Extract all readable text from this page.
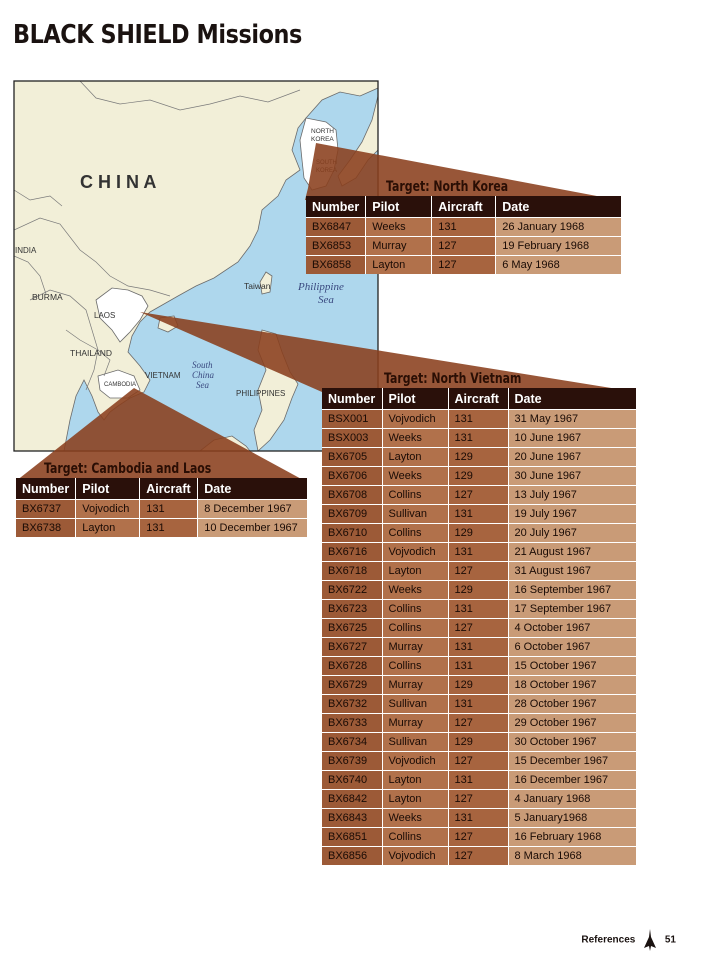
BLACK SHIELD Missions
NORTH
KOREA
C H I N A
INDIA
BURMA
LAOS
THAILAND
CAMBODIA
VIETNAM
Taiwan
PHILIPPINES
Philippine
Sea
South
China
Sea
Target: North Korea
Number	Pilot	Aircraft	Date
BX6847	Weeks	131	26 January 1968
BX6853	Murray	127	19 February 1968
BX6858	Layton	127	6 May 1968
Target: North Vietnam
Number	Pilot	Aircraft	Date
BSX001	Vojvodich	131	31 May 1967
BSX003	Weeks	131	10 June 1967
BX6705	Layton	129	20 June 1967
BX6706	Weeks	129	30 June 1967
BX6708	Collins	127	13 July 1967
BX6709	Sullivan	131	19 July 1967
BX6710	Collins	129	20 July 1967
BX6716	Vojvodich	131	21 August 1967
BX6718	Layton	127	31 August 1967
BX6722	Weeks	129	16 September 1967
BX6723	Collins	131	17 September 1967
BX6725	Collins	127	4 October 1967
BX6727	Murray	131	6 October 1967
BX6728	Collins	131	15 October 1967
BX6729	Murray	129	18 October 1967
BX6732	Sullivan	131	28 October 1967
BX6733	Murray	127	29 October 1967
BX6734	Sullivan	129	30 October 1967
BX6739	Vojvodich	127	15 December 1967
BX6740	Layton	131	16 December 1967
BX6842	Layton	127	4 January 1968
BX6843	Weeks	131	5 January1968
BX6851	Collins	127	16 February 1968
BX6856	Vojvodich	127	8 March 1968
Target: Cambodia and Laos
Number	Pilot	Aircraft	Date
BX6737	Vojvodich	131	8 December 1967
BX6738	Layton	131	10 December 1967
References	51
